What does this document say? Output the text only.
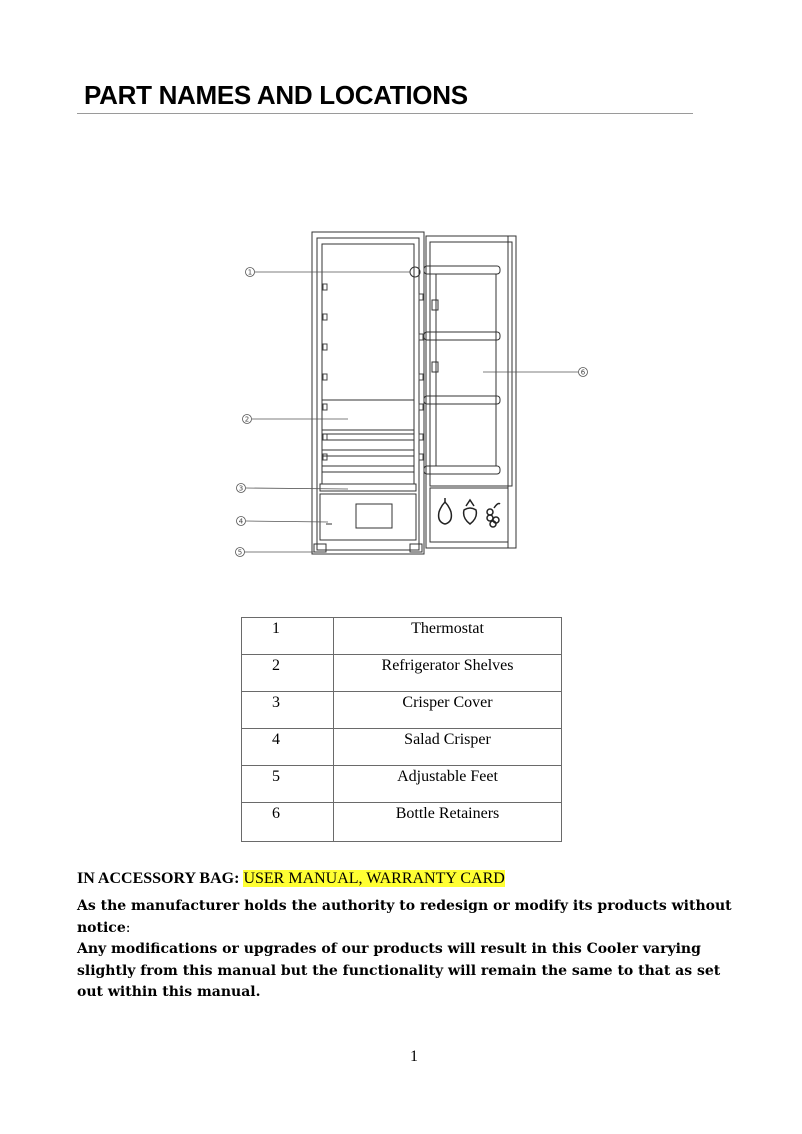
PART NAMES AND LOCATIONS
1
2
3
4
5
6
1	Thermostat
2	Refrigerator Shelves
3	Crisper Cover
4	Salad Crisper
5	Adjustable Feet
6	Bottle Retainers
IN ACCESSORY BAG: USER MANUAL, WARRANTY CARD

As the manufacturer holds the authority to redesign or modify its products without notice:
Any modifications or upgrades of our products will result in this Cooler varying slightly from this manual but the functionality will remain the same to that as set out within this manual.

1
